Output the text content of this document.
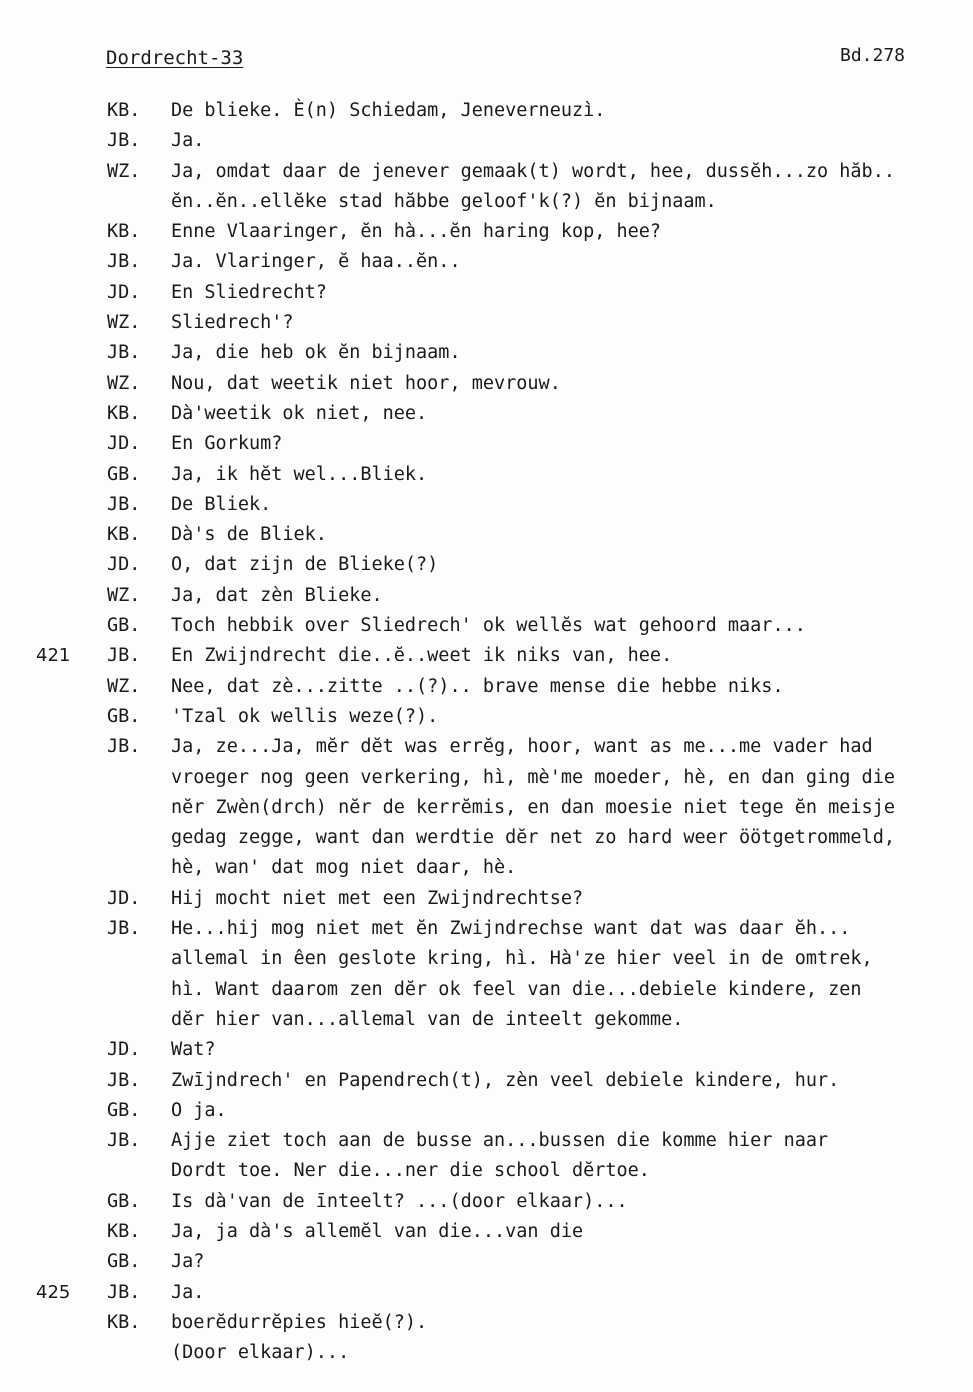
Dordrecht-33	Bd.278
KB. De blieke. È(n) Schiedam, Jeneverneuzì.
JB. Ja.
WZ. Ja, omdat daar de jenever gemaak(t) wordt, hee, dussĕh...zo hăb..
ĕn..ĕn..ellĕke stad hăbbe geloof'k(?) ĕn bijnaam.
KB. Enne Vlaaringer, ĕn hà...ĕn haring kop, hee?
JB. Ja. Vlaringer, ĕ haa..ĕn..
JD. En Sliedrecht?
WZ. Sliedrech'?
JB. Ja, die heb ok ĕn bijnaam.
WZ. Nou, dat weetik niet hoor, mevrouw.
KB. Dà'weetik ok niet, nee.
JD. En Gorkum?
GB. Ja, ik hĕt wel...Bliek.
JB. De Bliek.
KB. Dà's de Bliek.
JD. O, dat zijn de Blieke(?)
WZ. Ja, dat zèn Blieke.
GB. Toch hebbik over Sliedrech' ok wellĕs wat gehoord maar...
421 JB. En Zwijndrecht die..ĕ..weet ik niks van, hee.
WZ. Nee, dat zè...zitte ..(?).. brave mense die hebbe niks.
GB. 'Tzal ok wellis weze(?).
JB. Ja, ze...Ja, mĕr dĕt was errĕg, hoor, want as me...me vader had
vroeger nog geen verkering, hì, mè'me moeder, hè, en dan ging die
nĕr Zwèn(drch) nĕr de kerrĕmis, en dan moesie niet tege ĕn meisje
gedag zegge, want dan werdtie dĕr net zo hard weer öötgetrommeld,
hè, wan' dat mog niet daar, hè.
JD. Hij mocht niet met een Zwijndrechtse?
JB. He...hij mog niet met ĕn Zwijndrechse want dat was daar ĕh...
allemal in êen geslote kring, hì. Hà'ze hier veel in de omtrek,
hì. Want daarom zen dĕr ok feel van die...debiele kindere, zen
dĕr hier van...allemal van de inteelt gekomme.
JD. Wat?
JB. Zwījndrech' en Papendrech(t), zèn veel debiele kindere, hur.
GB. O ja.
JB. Ajje ziet toch aan de busse an...bussen die komme hier naar
Dordt toe. Ner die...ner die school dĕrtoe.
GB. Is dà'van de īnteelt? ...(door elkaar)...
KB. Ja, ja dà's allemĕl van die...van die
GB. Ja?
425 JB. Ja.
KB. boerĕdurrĕpies hieĕ(?).
(Door elkaar)...
